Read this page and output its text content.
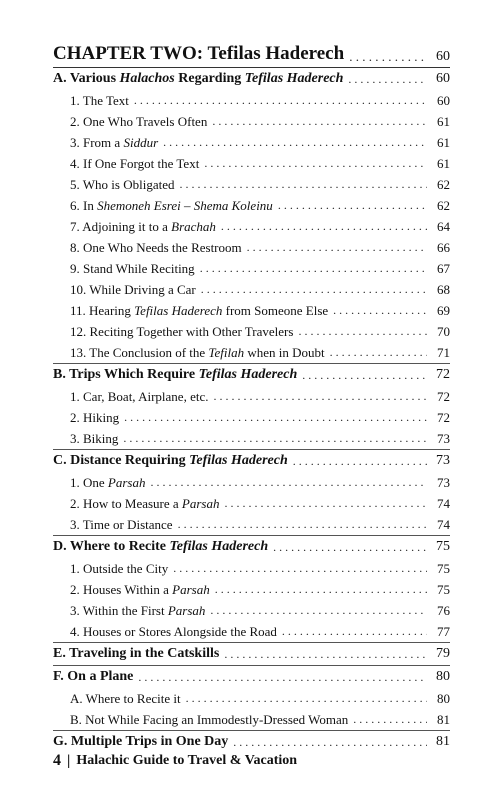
CHAPTER TWO: Tefilas Haderech . . .	60
A. Various Halachos Regarding Tefilas Haderech . . .	60
1. The Text . . .	60
2. One Who Travels Often . . .	61
3. From a Siddur . . .	61
4. If One Forgot the Text . . .	61
5. Who is Obligated . . .	62
6. In Shemoneh Esrei – Shema Koleinu . . .	62
7. Adjoining it to a Brachah . . .	64
8. One Who Needs the Restroom . . .	66
9. Stand While Reciting . . .	67
10. While Driving a Car . . .	68
11. Hearing Tefilas Haderech from Someone Else . . .	69
12. Reciting Together with Other Travelers . . .	70
13. The Conclusion of the Tefilah when in Doubt . . .	71
B. Trips Which Require Tefilas Haderech . . .	72
1. Car, Boat, Airplane, etc. . . .	72
2. Hiking . . .	72
3. Biking . . .	73
C. Distance Requiring Tefilas Haderech . . .	73
1. One Parsah . . .	73
2. How to Measure a Parsah . . .	74
3. Time or Distance . . .	74
D. Where to Recite Tefilas Haderech . . .	75
1. Outside the City . . .	75
2. Houses Within a Parsah . . .	75
3. Within the First Parsah . . .	76
4. Houses or Stores Alongside the Road . . .	77
E. Traveling in the Catskills . . .	79
F. On a Plane . . .	80
A. Where to Recite it . . .	80
B. Not While Facing an Immodestly-Dressed Woman . . .	81
G. Multiple Trips in One Day . . .	81
4 | Halachic Guide to Travel & Vacation
